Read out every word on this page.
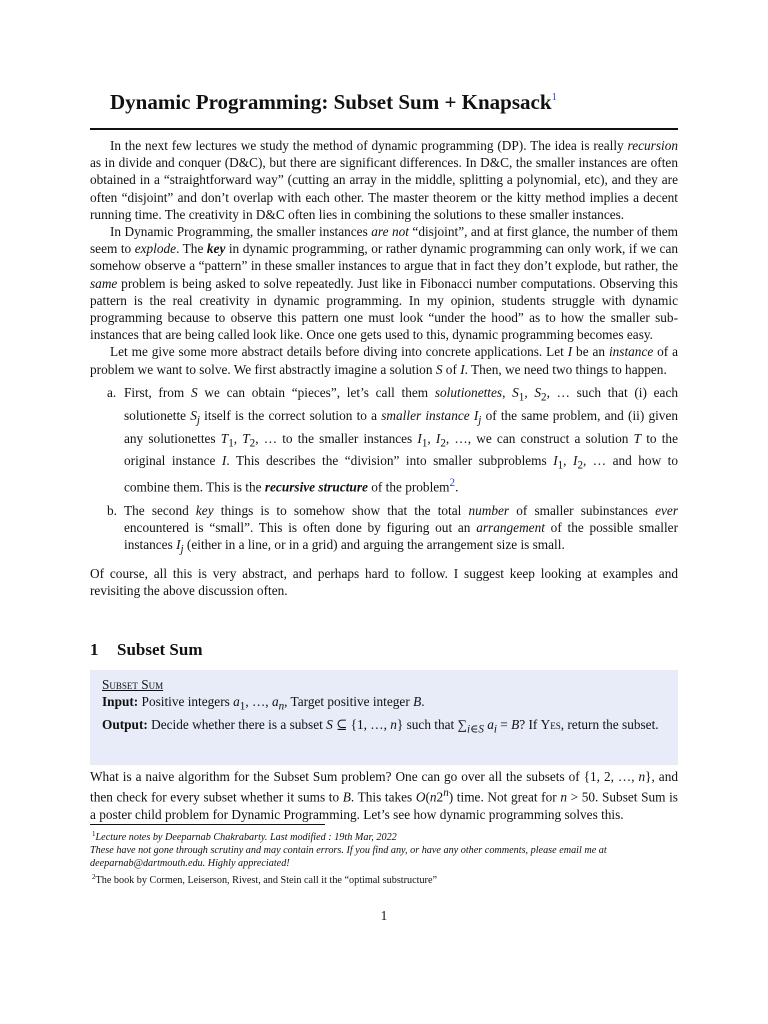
Dynamic Programming: Subset Sum + Knapsack$^1$

In the next few lectures we study the method of dynamic programming (DP). The idea is really recursion as in divide and conquer (D&C), but there are significant differences. In D&C, the smaller instances are often obtained in a “straightforward way” (cutting an array in the middle, splitting a polynomial, etc), and they are often “disjoint” and don’t overlap with each other. The master theorem or the kitty method implies a decent running time. The creativity in D&C often lies in combining the solutions to these smaller instances.

In Dynamic Programming, the smaller instances are not “disjoint”, and at first glance, the number of them seem to explode. The key in dynamic programming, or rather dynamic programming can only work, if we can somehow observe a “pattern” in these smaller instances to argue that in fact they don’t explode, but rather, the same problem is being asked to solve repeatedly. Just like in Fibonacci number computations. Observing this pattern is the real creativity in dynamic programming. In my opinion, students struggle with dynamic programming because to observe this pattern one must look “under the hood” as to how the smaller sub-instances that are being called look like. Once one gets used to this, dynamic programming becomes easy.

Let me give some more abstract details before diving into concrete applications. Let I be an instance of a problem we want to solve. We first abstractly imagine a solution S of I. Then, we need two things to happen.

a. First, from S we can obtain “pieces”, let’s call them solutionettes, $S_1$, $S_2$, … such that (i) each solutionette $S_j$ itself is the correct solution to a smaller instance $I_j$ of the same problem, and (ii) given any solutionettes $T_1$, $T_2$, … to the smaller instances $I_1$, $I_2$, …, we can construct a solution T to the original instance I. This describes the “division” into smaller subproblems $I_1$, $I_2$, … and how to combine them. This is the recursive structure of the problem$^2$.
b. The second key things is to somehow show that the total number of smaller subinstances ever encountered is “small”. This is often done by figuring out an arrangement of the possible smaller instances $I_j$ (either in a line, or in a grid) and arguing the arrangement size is small.

Of course, all this is very abstract, and perhaps hard to follow. I suggest keep looking at examples and revisiting the above discussion often.

1 Subset Sum
Subset Sum
Input: Positive integers $a_1$, …, $a_n$, Target positive integer B.
Output: Decide whether there is a subset S ⊆ {1, …, n} such that $\sum_{i\in S}$ $a_i = B$? If Yes, return the subset.
What is a naive algorithm for the Subset Sum problem? One can go over all the subsets of {1, 2, …, n}, and then check for every subset whether it sums to B. This takes O(n2$^n$) time. Not great for n > 50. Subset Sum is a poster child problem for Dynamic Programming. Let’s see how dynamic programming solves this.
$^1$Lecture notes by Deeparnab Chakrabarty. Last modified : 19th Mar, 2022
These have not gone through scrutiny and may contain errors. If you find any, or have any other comments, please email me at deeparnab@dartmouth.edu. Highly appreciated!
$^2$The book by Cormen, Leiserson, Rivest, and Stein call it the “optimal substructure”
1
